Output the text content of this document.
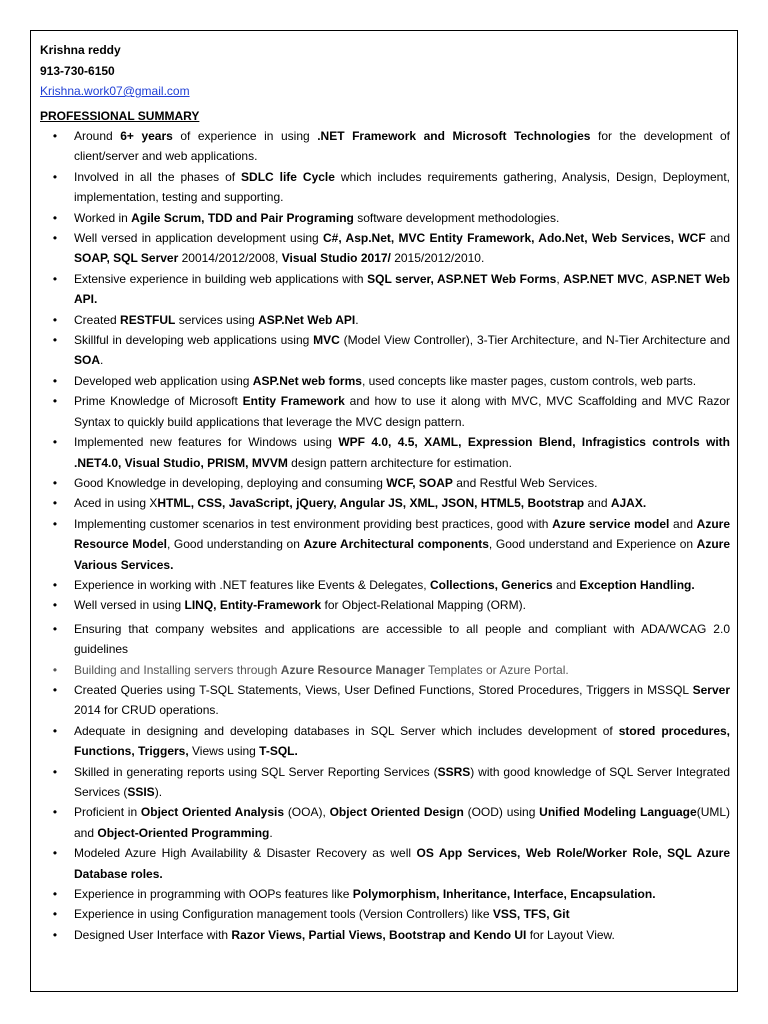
Krishna reddy
913-730-6150
Krishna.work07@gmail.com
PROFESSIONAL SUMMARY
•	Around 6+ years of experience in using .NET Framework and Microsoft Technologies for the development of client/server and web applications.
•	Involved in all the phases of SDLC life Cycle which includes requirements gathering, Analysis, Design, Deployment, implementation, testing and supporting.
•	Worked in Agile Scrum, TDD and Pair Programing software development methodologies.
•	Well versed in application development using C#, Asp.Net, MVC Entity Framework, Ado.Net, Web Services, WCF and SOAP, SQL Server 20014/2012/2008, Visual Studio 2017/ 2015/2012/2010.
•	Extensive experience in building web applications with SQL server, ASP.NET Web Forms, ASP.NET MVC, ASP.NET Web API.
•	Created RESTFUL services using ASP.Net Web API.
•	Skillful in developing web applications using MVC (Model View Controller), 3-Tier Architecture, and N-Tier Architecture and SOA.
•	Developed web application using ASP.Net web forms, used concepts like master pages, custom controls, web parts.
•	Prime Knowledge of Microsoft Entity Framework and how to use it along with MVC, MVC Scaffolding and MVC Razor Syntax to quickly build applications that leverage the MVC design pattern.
•	Implemented new features for Windows using WPF 4.0, 4.5, XAML, Expression Blend, Infragistics controls with .NET4.0, Visual Studio, PRISM, MVVM design pattern architecture for estimation.
•	Good Knowledge in developing, deploying and consuming WCF, SOAP and Restful Web Services.
•	Aced in using XHTML, CSS, JavaScript, jQuery, Angular JS, XML, JSON, HTML5, Bootstrap and AJAX.
•	Implementing customer scenarios in test environment providing best practices, good with Azure service model and Azure Resource Model, Good understanding on Azure Architectural components, Good understand and Experience on Azure Various Services.
•	Experience in working with .NET features like Events & Delegates, Collections, Generics and Exception Handling.
•	Well versed in using LINQ, Entity-Framework for Object-Relational Mapping (ORM).
•	Ensuring that company websites and applications are accessible to all people and compliant with ADA/WCAG 2.0 guidelines
•	Building and Installing servers through Azure Resource Manager Templates or Azure Portal.
•	Created Queries using T-SQL Statements, Views, User Defined Functions, Stored Procedures, Triggers in MSSQL Server 2014 for CRUD operations.
•	Adequate in designing and developing databases in SQL Server which includes development of stored procedures, Functions, Triggers, Views using T-SQL.
•	Skilled in generating reports using SQL Server Reporting Services (SSRS) with good knowledge of SQL Server Integrated Services (SSIS).
•	Proficient in Object Oriented Analysis (OOA), Object Oriented Design (OOD) using Unified Modeling Language(UML) and Object-Oriented Programming.
•	Modeled Azure High Availability & Disaster Recovery as well OS App Services, Web Role/Worker Role, SQL Azure Database roles.
•	Experience in programming with OOPs features like Polymorphism, Inheritance, Interface, Encapsulation.
•	Experience in using Configuration management tools (Version Controllers) like VSS, TFS, Git
•	Designed User Interface with Razor Views, Partial Views, Bootstrap and Kendo UI for Layout View.
